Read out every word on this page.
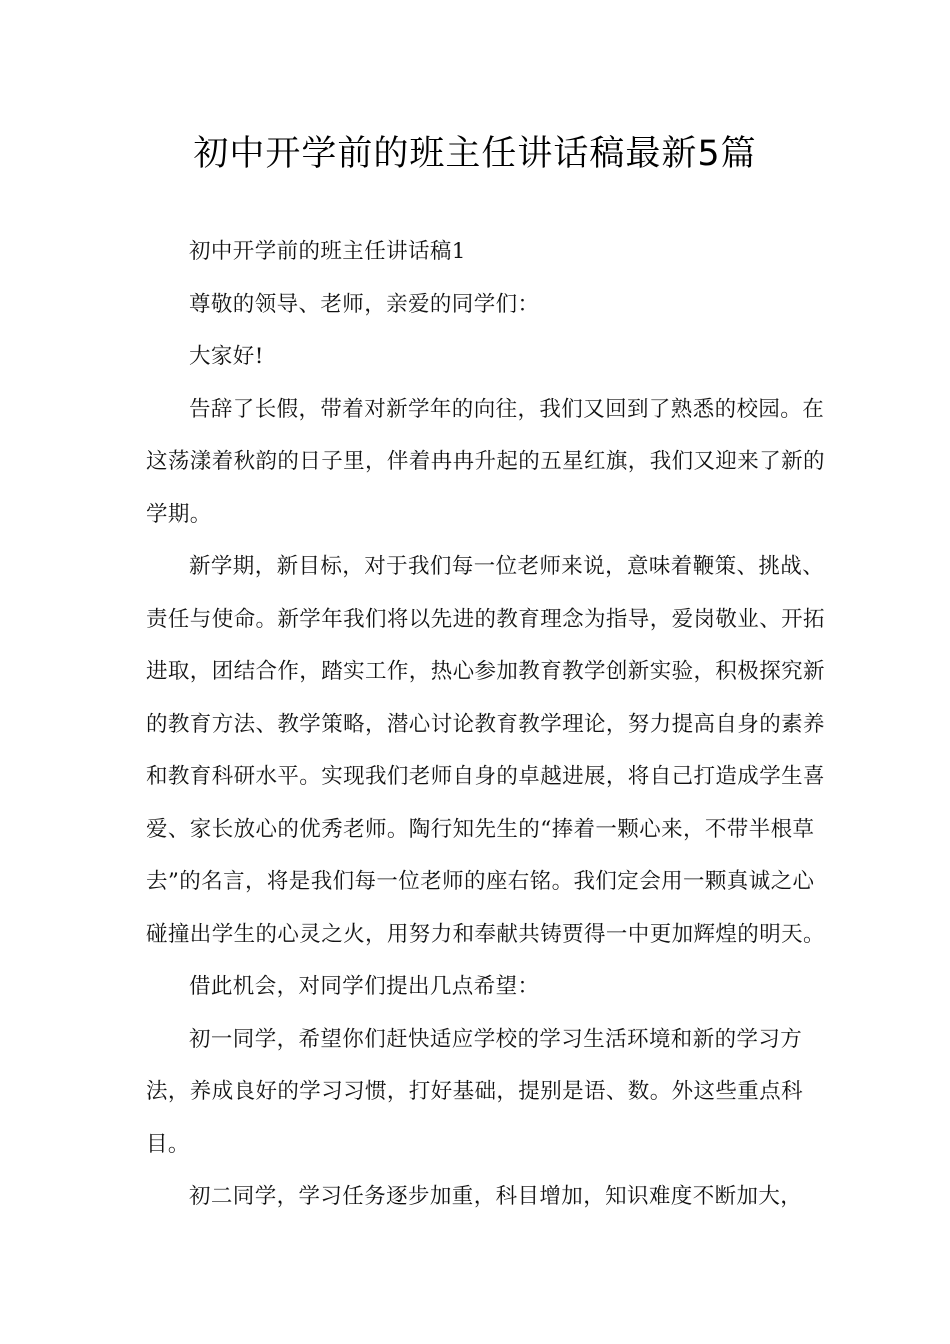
初中开学前的班主任讲话稿最新5篇

初中开学前的班主任讲话稿1

尊敬的领导、老师，亲爱的同学们：

大家好!

告辞了长假，带着对新学年的向往，我们又回到了熟悉的校园。在这荡漾着秋韵的日子里，伴着冉冉升起的五星红旗，我们又迎来了新的学期。

新学期，新目标，对于我们每一位老师来说，意味着鞭策、挑战、责任与使命。新学年我们将以先进的教育理念为指导，爱岗敬业、开拓进取，团结合作，踏实工作，热心参加教育教学创新实验，积极探究新的教育方法、教学策略，潜心讨论教育教学理论，努力提高自身的素养和教育科研水平。实现我们老师自身的卓越进展，将自己打造成学生喜爱、家长放心的优秀老师。陶行知先生的“捧着一颗心来，不带半根草去”的名言，将是我们每一位老师的座右铭。我们定会用一颗真诚之心碰撞出学生的心灵之火，用努力和奉献共铸贾得一中更加辉煌的明天。

借此机会，对同学们提出几点希望：

初一同学，希望你们赶快适应学校的学习生活环境和新的学习方法，养成良好的学习习惯，打好基础，提别是语、数。外这些重点科目。

初二同学，学习任务逐步加重，科目增加，知识难度不断加大，
